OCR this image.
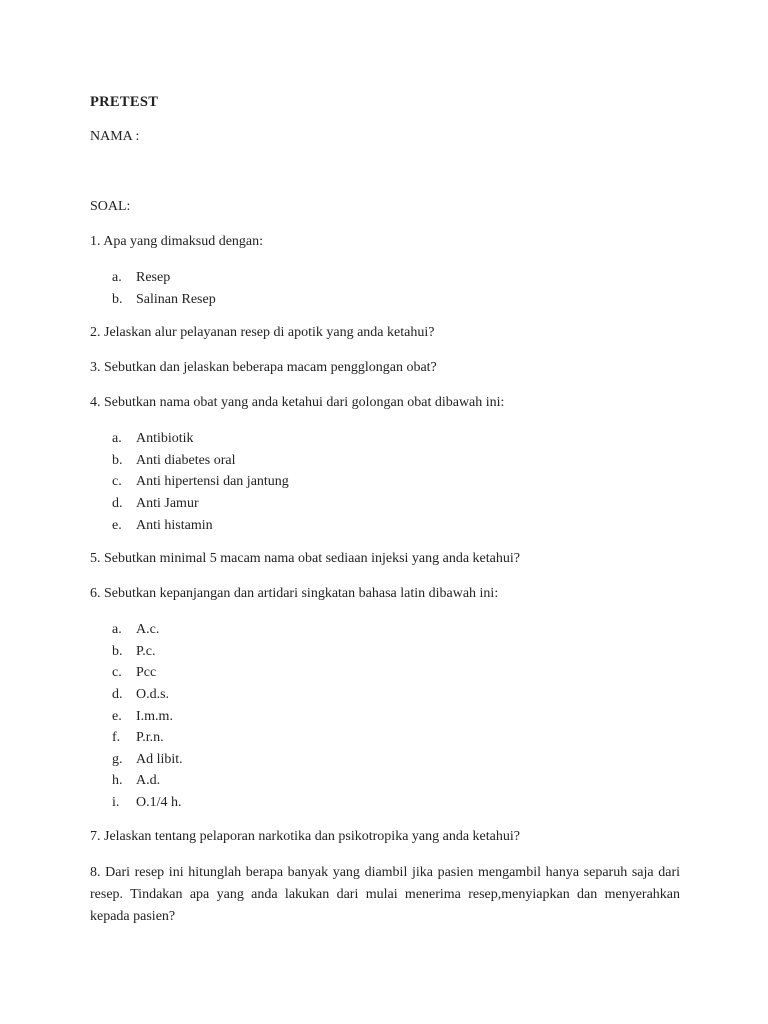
PRETEST
NAMA :
SOAL:
1. Apa yang dimaksud dengan:
a. Resep
b. Salinan Resep
2. Jelaskan alur pelayanan resep di apotik yang anda ketahui?
3. Sebutkan dan jelaskan beberapa macam pengglongan obat?
4. Sebutkan nama obat yang anda ketahui dari golongan obat dibawah ini:
a. Antibiotik
b. Anti diabetes oral
c. Anti hipertensi dan jantung
d. Anti Jamur
e. Anti histamin
5. Sebutkan minimal 5 macam nama obat sediaan injeksi yang anda ketahui?
6. Sebutkan kepanjangan dan artidari singkatan bahasa latin dibawah ini:
a. A.c.
b. P.c.
c. Pcc
d. O.d.s.
e. I.m.m.
f. P.r.n.
g. Ad libit.
h. A.d.
i. O.1/4 h.
7. Jelaskan tentang pelaporan narkotika dan psikotropika yang anda ketahui?
8. Dari resep ini hitunglah berapa banyak yang diambil jika pasien mengambil hanya separuh saja dari resep. Tindakan apa yang anda lakukan dari mulai menerima resep,menyiapkan dan menyerahkan kepada pasien?
